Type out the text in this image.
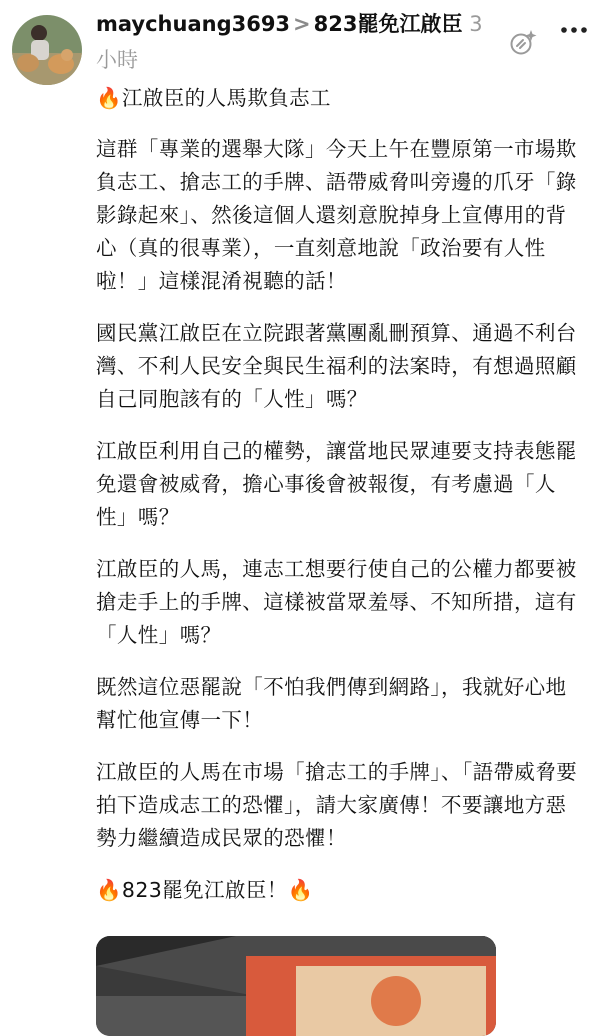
maychuang3693 > 823罷免江啟臣 3小時

🔥江啟臣的人馬欺負志工

這群「專業的選舉大隊」今天上午在豐原第一市場欺負志工、搶志工的手牌、語帶威脅叫旁邊的爪牙「錄影錄起來」、然後這個人還刻意脫掉身上宣傳用的背心（真的很專業），一直刻意地說「政治要有人性啦！」這樣混淆視聽的話！

國民黨江啟臣在立院跟著黨團亂刪預算、通過不利台灣、不利人民安全與民生福利的法案時，有想過照顧自己同胞該有的「人性」嗎？

江啟臣利用自己的權勢，讓當地民眾連要支持表態罷免還會被威脅，擔心事後會被報復，有考慮過「人性」嗎？

江啟臣的人馬，連志工想要行使自己的公權力都要被搶走手上的手牌、這樣被當眾羞辱、不知所措，這有「人性」嗎？

既然這位惡罷說「不怕我們傳到網路」，我就好心地幫忙他宣傳一下！

江啟臣的人馬在市場「搶志工的手牌」、「語帶威脅要拍下造成志工的恐懼」，請大家廣傳！不要讓地方惡勢力繼續造成民眾的恐懼！

🔥823罷免江啟臣！🔥
